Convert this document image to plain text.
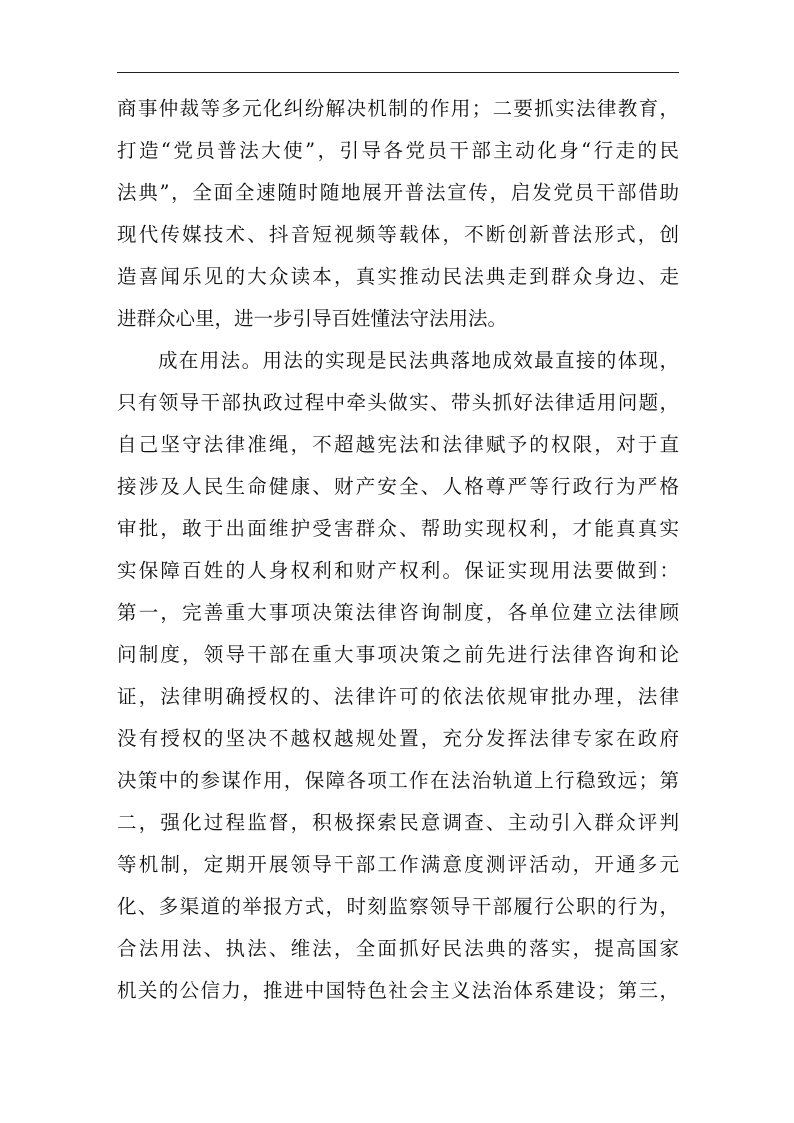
商事仲裁等多元化纠纷解决机制的作用；二要抓实法律教育，
打造“党员普法大使”，引导各党员干部主动化身“行走的民
法典”，全面全速随时随地展开普法宣传，启发党员干部借助
现代传媒技术、抖音短视频等载体，不断创新普法形式，创
造喜闻乐见的大众读本，真实推动民法典走到群众身边、走
进群众心里，进一步引导百姓懂法守法用法。
成在用法。用法的实现是民法典落地成效最直接的体现，
只有领导干部执政过程中牵头做实、带头抓好法律适用问题，
自己坚守法律准绳，不超越宪法和法律赋予的权限，对于直
接涉及人民生命健康、财产安全、人格尊严等行政行为严格
审批，敢于出面维护受害群众、帮助实现权利，才能真真实
实保障百姓的人身权利和财产权利。保证实现用法要做到：
第一，完善重大事项决策法律咨询制度，各单位建立法律顾
问制度，领导干部在重大事项决策之前先进行法律咨询和论
证，法律明确授权的、法律许可的依法依规审批办理，法律
没有授权的坚决不越权越规处置，充分发挥法律专家在政府
决策中的参谋作用，保障各项工作在法治轨道上行稳致远；第
二，强化过程监督，积极探索民意调查、主动引入群众评判
等机制，定期开展领导干部工作满意度测评活动，开通多元
化、多渠道的举报方式，时刻监察领导干部履行公职的行为，
合法用法、执法、维法，全面抓好民法典的落实，提高国家
机关的公信力，推进中国特色社会主义法治体系建设；第三，
